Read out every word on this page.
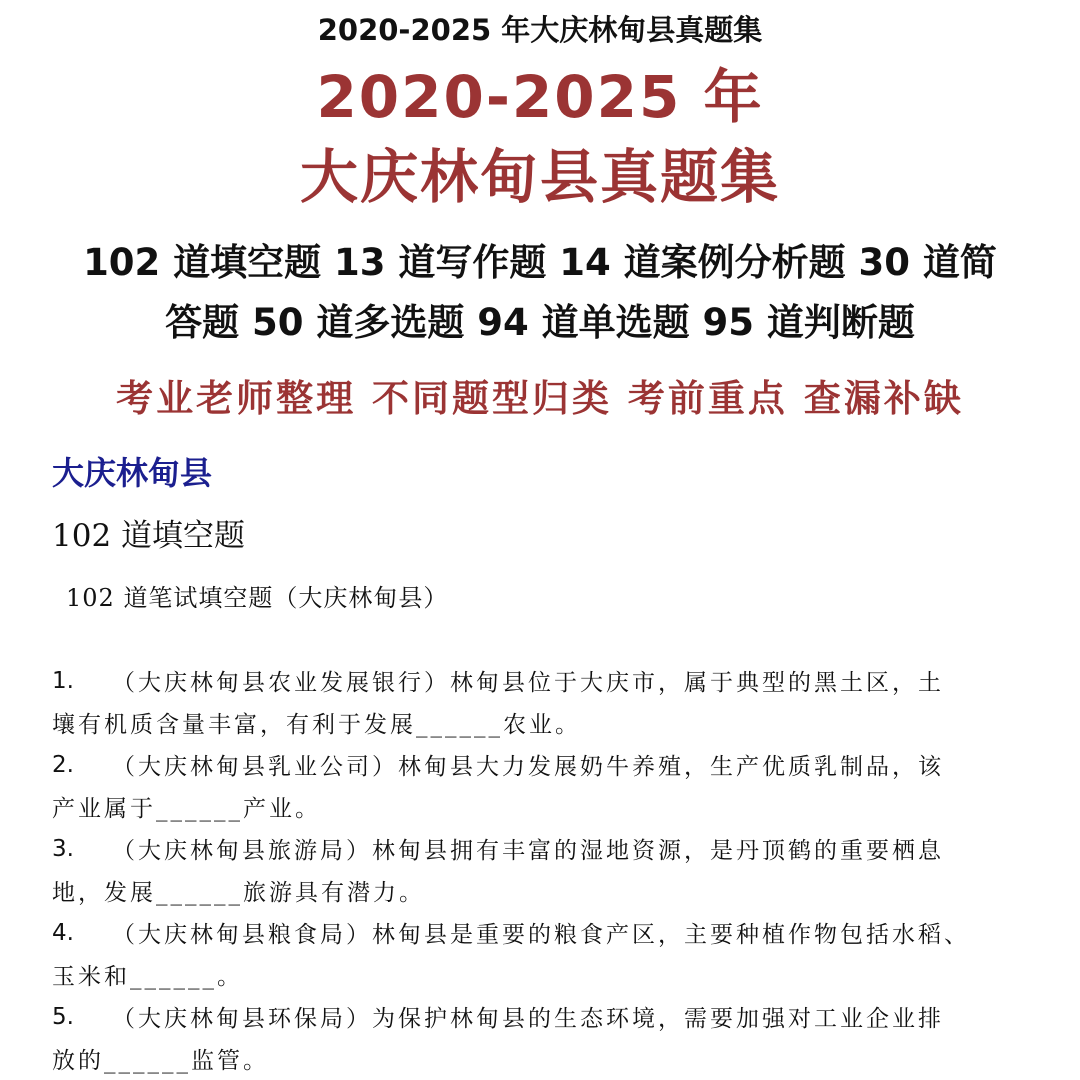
2020-2025 年大庆林甸县真题集
2020-2025 年
大庆林甸县真题集
102 道填空题 13 道写作题 14 道案例分析题 30 道简
答题 50 道多选题 94 道单选题 95 道判断题
考业老师整理 不同题型归类 考前重点 查漏补缺
大庆林甸县
102 道填空题
102 道笔试填空题（大庆林甸县）
1. （大庆林甸县农业发展银行）林甸县位于大庆市，属于典型的黑土区，土
壤有机质含量丰富，有利于发展______农业。
2. （大庆林甸县乳业公司）林甸县大力发展奶牛养殖，生产优质乳制品，该
产业属于______产业。
3. （大庆林甸县旅游局）林甸县拥有丰富的湿地资源，是丹顶鹤的重要栖息
地，发展______旅游具有潜力。
4. （大庆林甸县粮食局）林甸县是重要的粮食产区，主要种植作物包括水稻、
玉米和______。
5. （大庆林甸县环保局）为保护林甸县的生态环境，需要加强对工业企业排
放的______监管。
